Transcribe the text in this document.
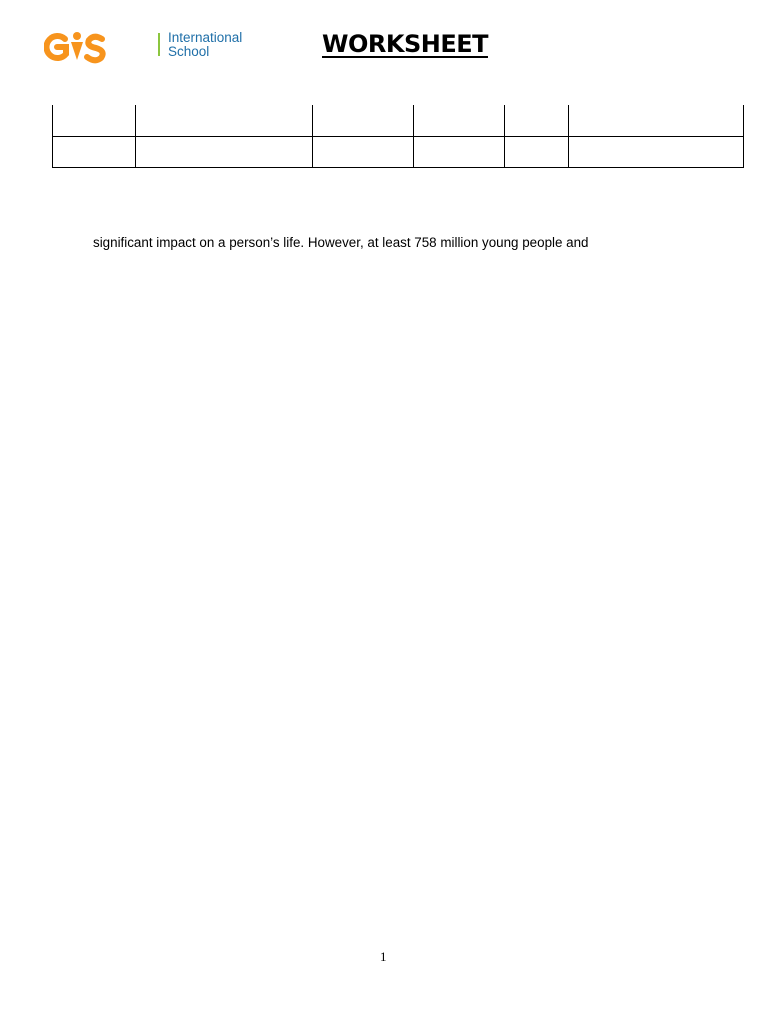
International
School	WORKSHEET
significant impact on a person’s life. However, at least 758 million young people and
1
